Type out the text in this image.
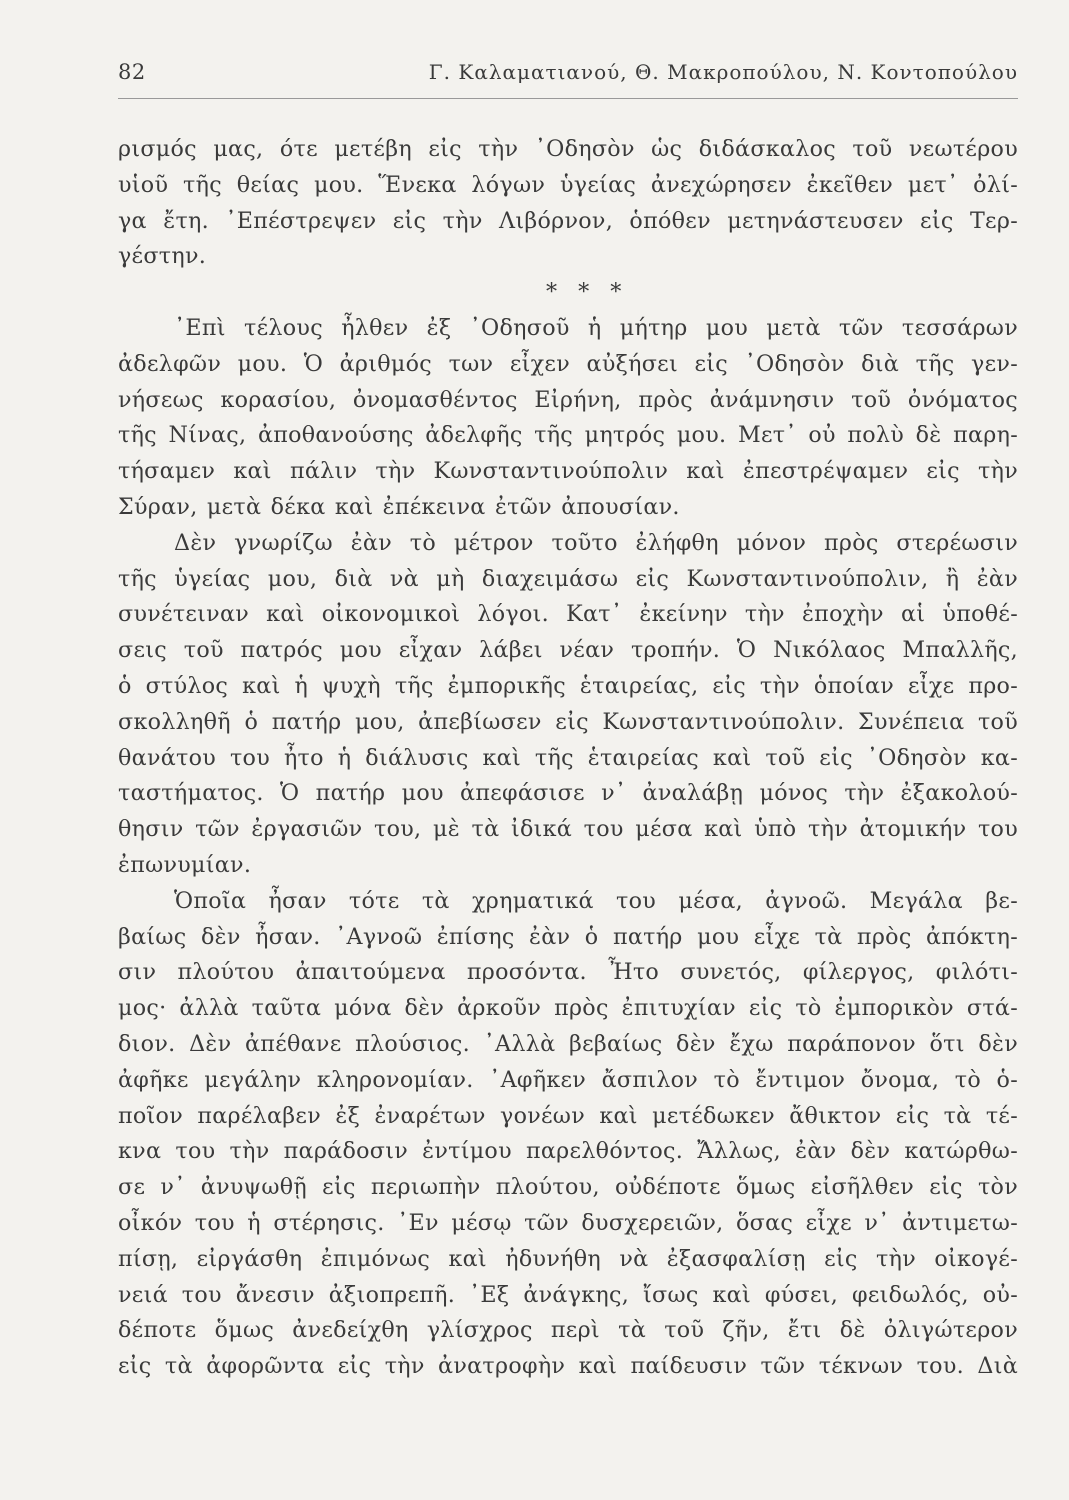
82	Γ. Καλαματιανού, Θ. Μακροπούλου, Ν. Κοντοπούλου
ρισμός μας, ότε μετέβη εἰς τὴν ᾿Οδησὸν ὡς διδάσκαλος τοῦ νεωτέρου
υἱοῦ τῆς θείας μου. Ἕνεκα λόγων ὑγείας ἀνεχώρησεν ἐκεῖθεν μετ᾿ ὀλί-
γα ἔτη. ᾿Επέστρεψεν εἰς τὴν Λιβόρνον, ὁπόθεν μετηνάστευσεν εἰς Τερ-
γέστην.
* * *
᾿Επὶ τέλους ἦλθεν ἐξ ᾿Οδησοῦ ἡ μήτηρ μου μετὰ τῶν τεσσάρων
ἀδελφῶν μου. Ὁ ἀριθμός των εἶχεν αὐξήσει εἰς ᾿Οδησὸν διὰ τῆς γεν-
νήσεως κορασίου, ὀνομασθέντος Εἰρήνη, πρὸς ἀνάμνησιν τοῦ ὀνόματος
τῆς Νίνας, ἀποθανούσης ἀδελφῆς τῆς μητρός μου. Μετ᾿ οὐ πολὺ δὲ παρη-
τήσαμεν καὶ πάλιν τὴν Κωνσταντινούπολιν καὶ ἐπεστρέψαμεν εἰς τὴν
Σύραν, μετὰ δέκα καὶ ἐπέκεινα ἐτῶν ἀπουσίαν.
Δὲν γνωρίζω ἐὰν τὸ μέτρον τοῦτο ἐλήφθη μόνον πρὸς στερέωσιν
τῆς ὑγείας μου, διὰ νὰ μὴ διαχειμάσω εἰς Κωνσταντινούπολιν, ἢ ἐὰν
συνέτειναν καὶ οἰκονομικοὶ λόγοι. Κατ᾿ ἐκείνην τὴν ἐποχὴν αἱ ὑποθέ-
σεις τοῦ πατρός μου εἶχαν λάβει νέαν τροπήν. Ὁ Νικόλαος Μπαλλῆς,
ὁ στύλος καὶ ἡ ψυχὴ τῆς ἐμπορικῆς ἑταιρείας, εἰς τὴν ὁποίαν εἶχε προ-
σκολληθῆ ὁ πατήρ μου, ἀπεβίωσεν εἰς Κωνσταντινούπολιν. Συνέπεια τοῦ
θανάτου του ἦτο ἡ διάλυσις καὶ τῆς ἑταιρείας καὶ τοῦ εἰς ᾿Οδησὸν κα-
ταστήματος. Ὁ πατήρ μου ἀπεφάσισε ν᾿ ἀναλάβῃ μόνος τὴν ἐξακολού-
θησιν τῶν ἐργασιῶν του, μὲ τὰ ἰδικά του μέσα καὶ ὑπὸ τὴν ἀτομικήν του
ἐπωνυμίαν.
Ὁποῖα ἦσαν τότε τὰ χρηματικά του μέσα, ἀγνοῶ. Μεγάλα βε-
βαίως δὲν ἦσαν. ᾿Αγνοῶ ἐπίσης ἐὰν ὁ πατήρ μου εἶχε τὰ πρὸς ἀπόκτη-
σιν πλούτου ἀπαιτούμενα προσόντα. Ἦτο συνετός, φίλεργος, φιλότι-
μος· ἀλλὰ ταῦτα μόνα δὲν ἀρκοῦν πρὸς ἐπιτυχίαν εἰς τὸ ἐμπορικὸν στά-
διον. Δὲν ἀπέθανε πλούσιος. ᾿Αλλὰ βεβαίως δὲν ἔχω παράπονον ὅτι δὲν
ἀφῆκε μεγάλην κληρονομίαν. ᾿Αφῆκεν ἄσπιλον τὸ ἔντιμον ὄνομα, τὸ ὁ-
ποῖον παρέλαβεν ἐξ ἐναρέτων γονέων καὶ μετέδωκεν ἄθικτον εἰς τὰ τέ-
κνα του τὴν παράδοσιν ἐντίμου παρελθόντος. Ἄλλως, ἐὰν δὲν κατώρθω-
σε ν᾿ ἀνυψωθῇ εἰς περιωπὴν πλούτου, οὐδέποτε ὅμως εἰσῆλθεν εἰς τὸν
οἶκόν του ἡ στέρησις. ᾿Εν μέσῳ τῶν δυσχερειῶν, ὅσας εἶχε ν᾿ ἀντιμετω-
πίσῃ, εἰργάσθη ἐπιμόνως καὶ ἠδυνήθη νὰ ἐξασφαλίσῃ εἰς τὴν οἰκογέ-
νειά του ἄνεσιν ἀξιοπρεπῆ. ᾿Εξ ἀνάγκης, ἴσως καὶ φύσει, φειδωλός, οὐ-
δέποτε ὅμως ἀνεδείχθη γλίσχρος περὶ τὰ τοῦ ζῆν, ἔτι δὲ ὀλιγώτερον
εἰς τὰ ἀφορῶντα εἰς τὴν ἀνατροφὴν καὶ παίδευσιν τῶν τέκνων του. Διὰ
